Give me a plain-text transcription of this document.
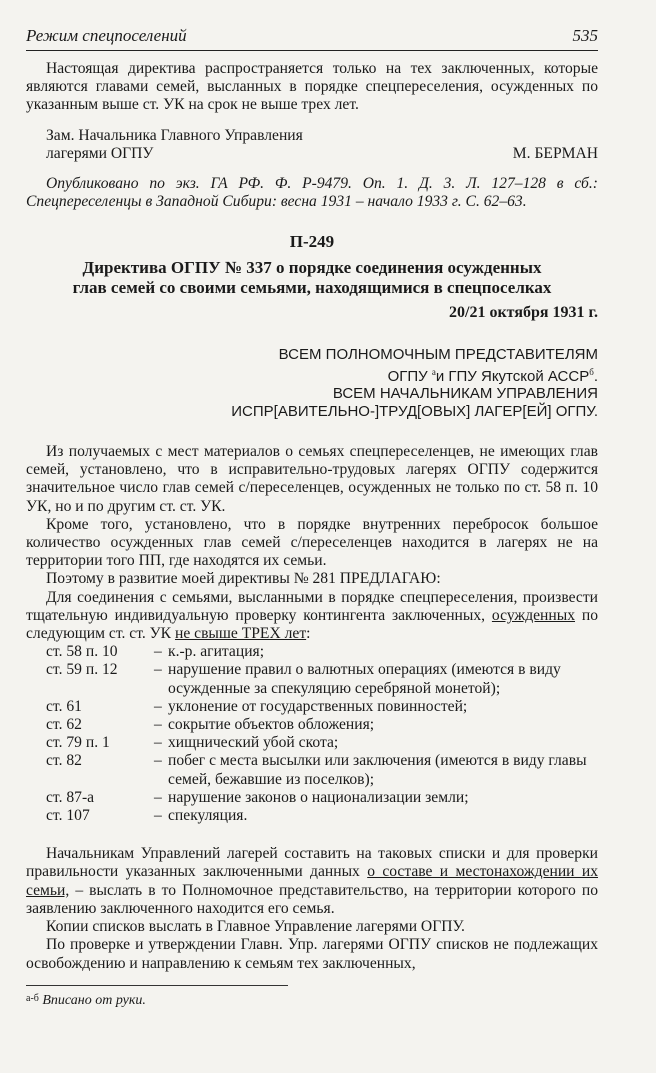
Режим спецпоселений	535

Настоящая директива распространяется только на тех заключенных, которые являются главами семей, высланных в порядке спецпереселения, осужденных по указанным выше ст. УК на срок не выше трех лет.

Зам. Начальника Главного Управления
лагерями ОГПУ	М. БЕРМАН
Опубликовано по экз. ГА РФ. Ф. Р-9479. Оп. 1. Д. 3. Л. 127–128 в сб.: Спецпереселенцы в Западной Сибири: весна 1931 – начало 1933 г. С. 62–63.
П-249
Директива ОГПУ № 337 о порядке соединения осужденных
глав семей со своими семьями, находящимися в спецпоселках
20/21 октября 1931 г.
ВСЕМ ПОЛНОМОЧНЫМ ПРЕДСТАВИТЕЛЯМ
ОГПУ $^а$и ГПУ Якутской $АССР^б$.
ВСЕМ НАЧАЛЬНИКАМ УПРАВЛЕНИЯ
ИСПР[АВИТЕЛЬНО-]ТРУД[ОВЫХ] ЛАГЕР[ЕЙ] ОГПУ.

Из получаемых с мест материалов о семьях спецпереселенцев, не имеющих глав семей, установлено, что в исправительно-трудовых лагерях ОГПУ содержится значительное число глав семей с/переселенцев, осужденных не только по ст. 58 п. 10 УК, но и по другим ст. ст. УК.

Кроме того, установлено, что в порядке внутренних переброcок большое количество осужденных глав семей с/переселенцев находится в лагерях не на территории того ПП, где находятся их семьи.

Поэтому в развитие моей директивы № 281 ПРЕДЛАГАЮ:

Для соединения с семьями, высланными в порядке спецпереселения, произвести тщательную индивидуальную проверку контингента заключенных, осужденных по следующим ст. ст. УК не свыше ТРЕХ лет:

ст. 58 п. 10	–	к.-р. агитация;
ст. 59 п. 12	–	нарушение правил о валютных операциях (имеются в виду осужденные за спекуляцию серебряной монетой);
ст. 61	–	уклонение от государственных повинностей;
ст. 62	–	сокрытие объектов обложения;
ст. 79 п. 1	–	хищнический убой скота;
ст. 82	–	побег с места высылки или заключения (имеются в виду главы семей, бежавшие из поселков);
ст. 87-а	–	нарушение законов о национализации земли;
ст. 107	–	спекуляция.

Начальникам Управлений лагерей составить на таковых списки и для проверки правильности указанных заключенными данных о составе и местонахождении их семьи, – выслать в то Полномочное представительство, на территории которого по заявлению заключенного находится его семья.

Копии списков выслать в Главное Управление лагерями ОГПУ.

По проверке и утверждении Главн. Упр. лагерями ОГПУ списков не подлежащих освобождению и направлению к семьям тех заключенных,

$^{а-б}$ Вписано от руки.
